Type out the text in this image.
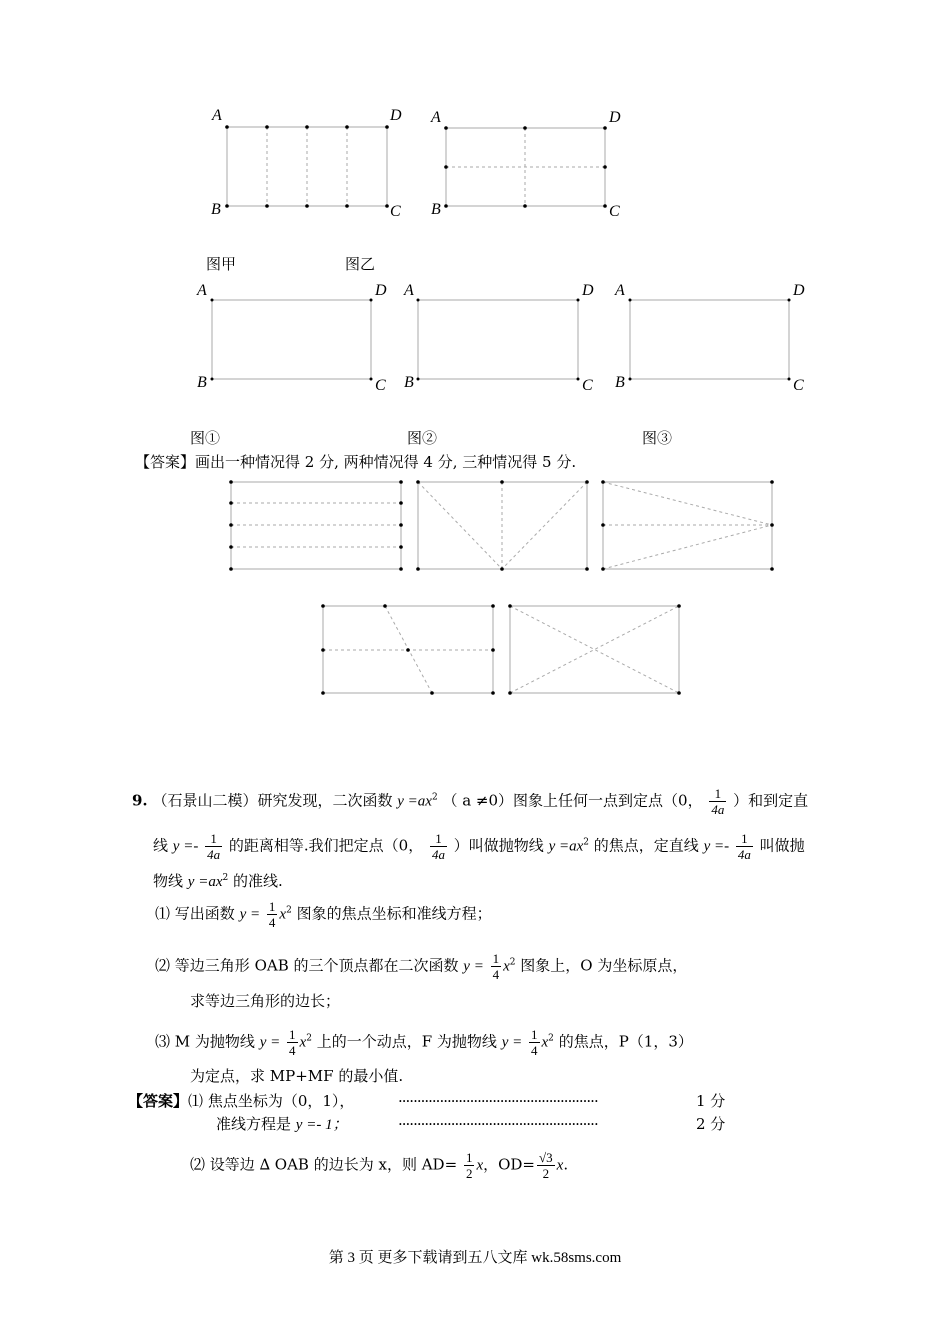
A	D
B	C
A	D
B	C
图甲	图乙
A	D
B	C
A	D
B	C
A	D
B	C
图①	图②	图③
【答案】画出一种情况得 2 分, 两种情况得 4 分, 三种情况得 5 分.
9. （石景山二模）研究发现，二次函数 $y =ax^2$ （ a ≠0）图象上任何一点到定点（0， $\frac{1}{4a}$ ）和到定直
线 $y =- \frac{1}{4a}$ 的距离相等.我们把定点（0， $\frac{1}{4a}$ ）叫做抛物线 $y =ax^2$ 的焦点，定直线 $y =- \frac{1}{4a}$ 叫做抛
物线 $y =ax^2$ 的准线.
⑴ 写出函数 $y = \frac{1}{4} x^2$ 图象的焦点坐标和准线方程；
⑵ 等边三角形 OAB 的三个顶点都在二次函数 $y = \frac{1}{4} x^2$ 图象上，O 为坐标原点，
求等边三角形的边长；
⑶ M 为抛物线 $y = \frac{1}{4} x^2$ 上的一个动点，F 为抛物线 $y = \frac{1}{4} x^2$ 的焦点，P（1，3）
为定点，求 MP+MF 的最小值.
【答案】⑴ 焦点坐标为（0，1），	·····················································	1 分
准线方程是 y =- 1；	·····················································	2 分
⑵ 设等边 ∆ OAB 的边长为 x，则 $AD= \frac{1}{2}$ x，$OD= \frac{√3}{2} x$.
第 3 页 更多下载请到五八文库 wk.58sms.com
